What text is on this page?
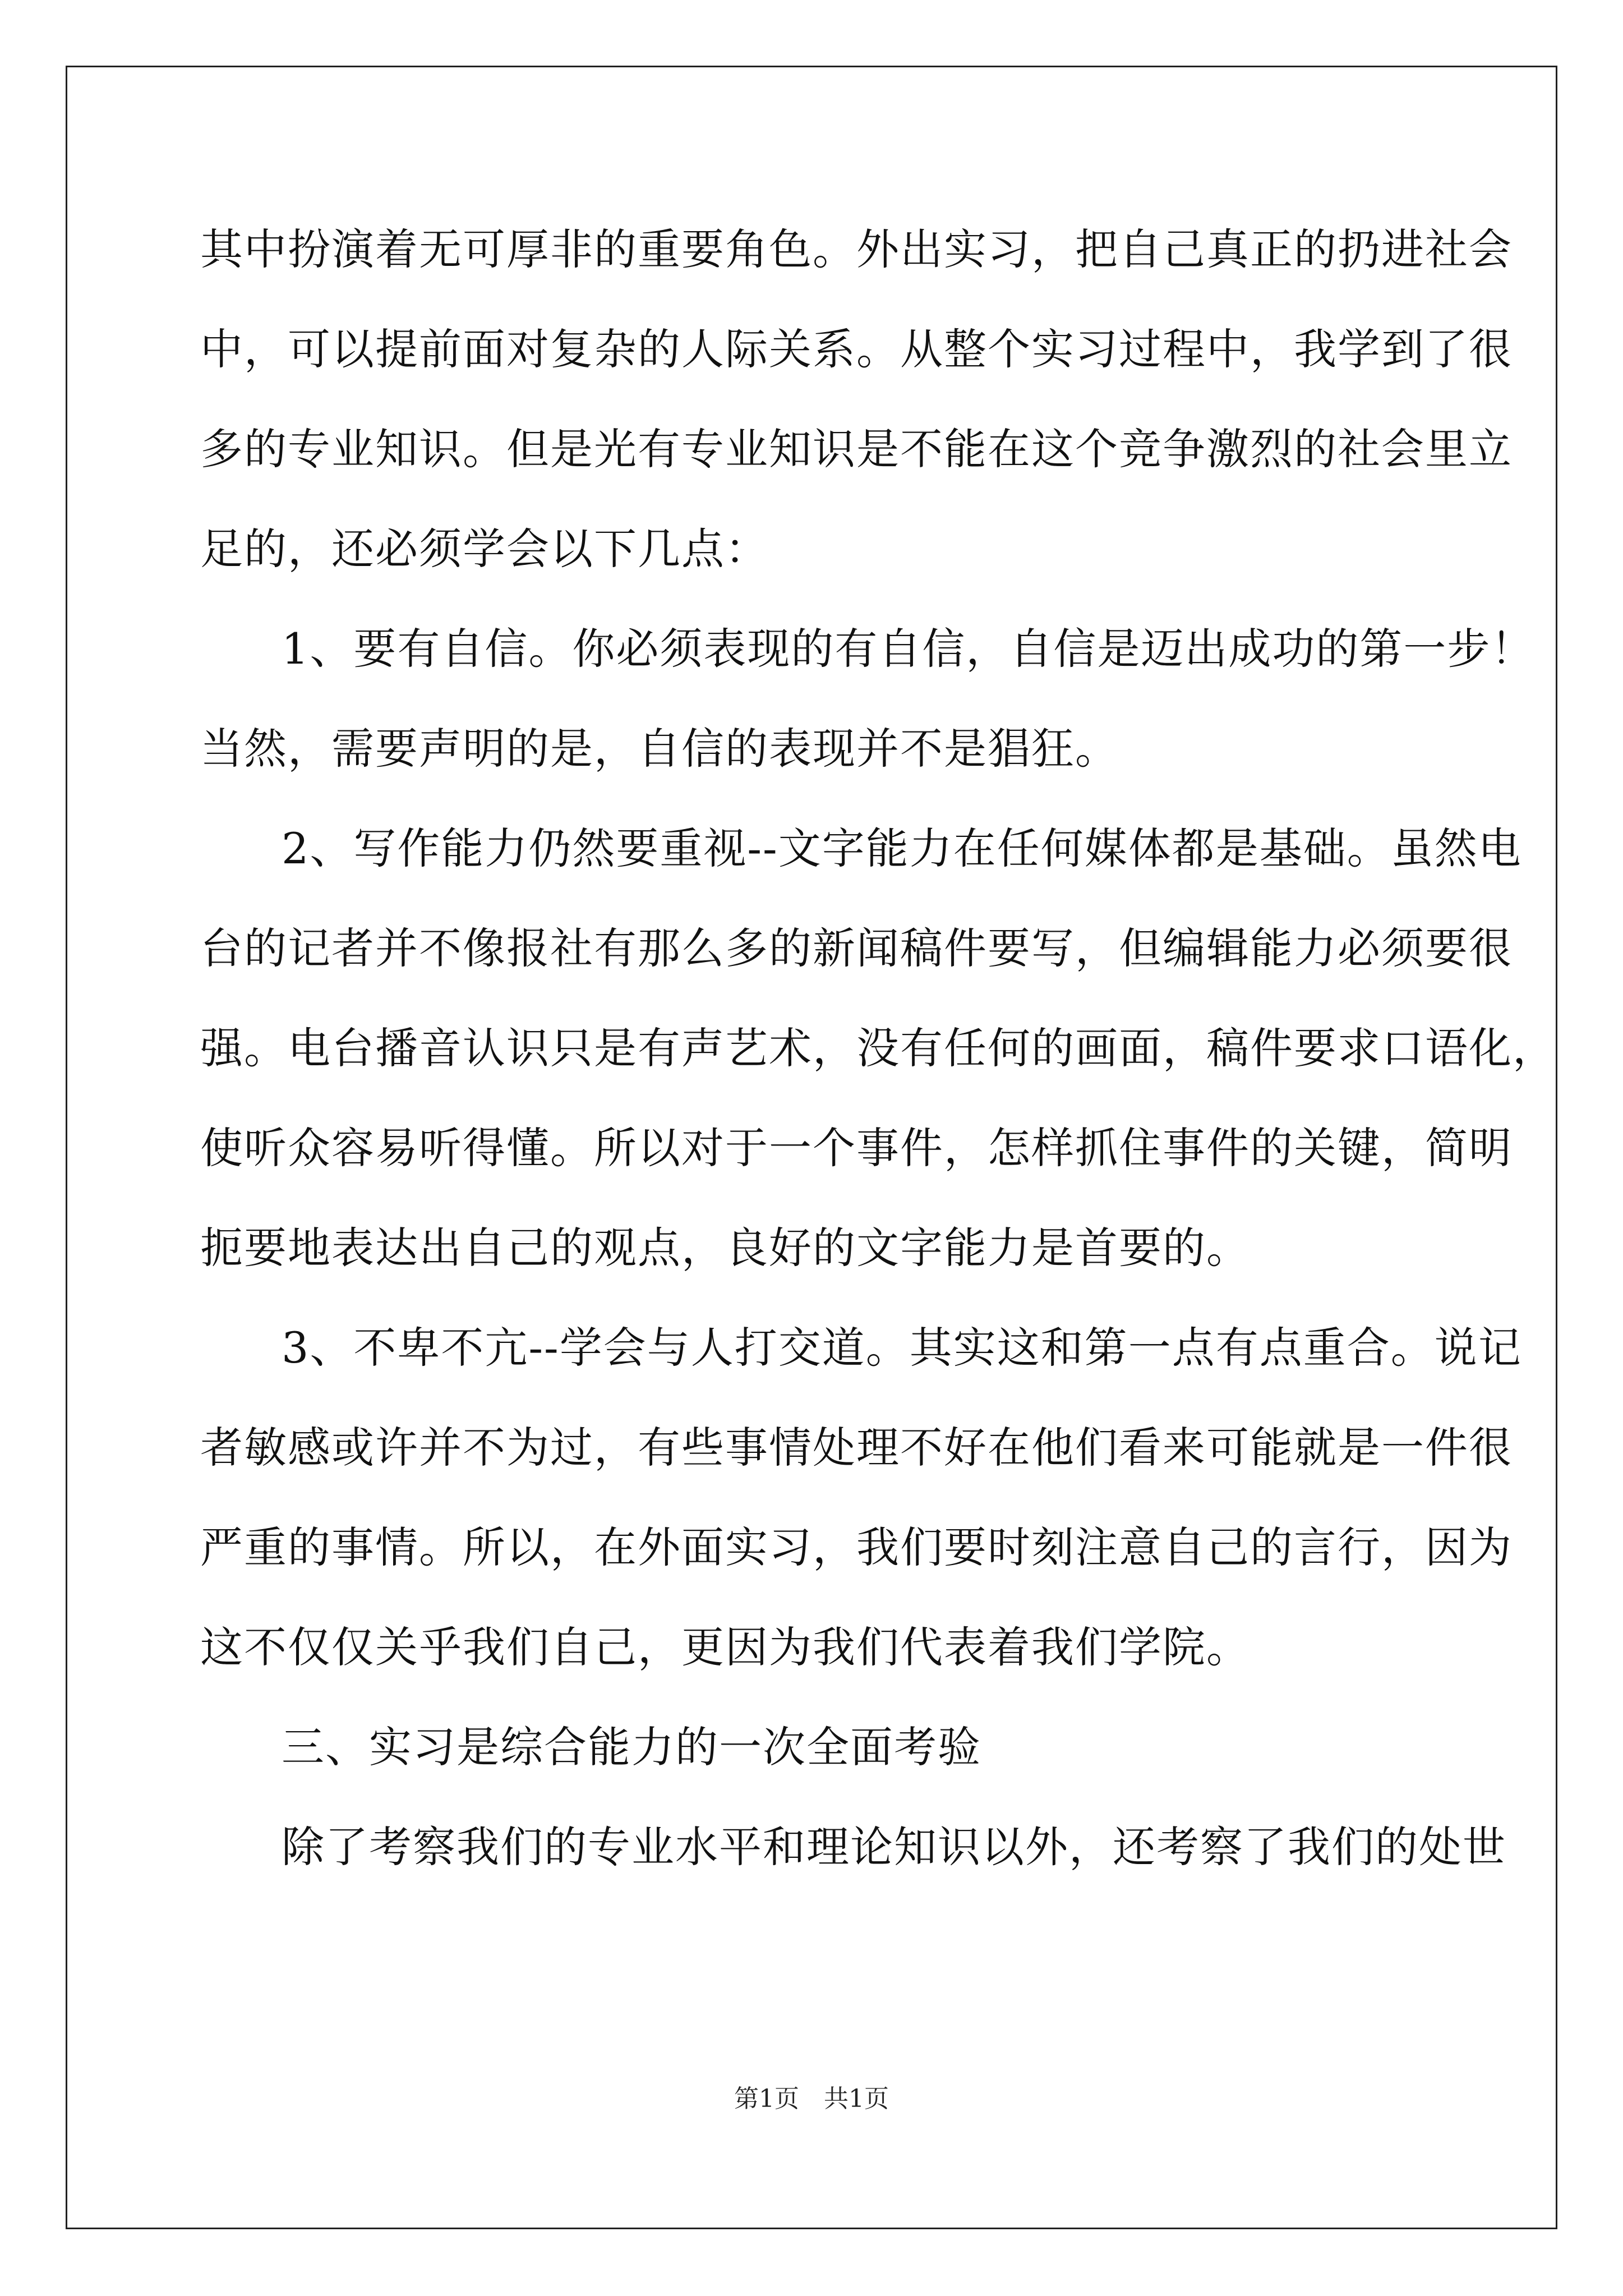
其中扮演着无可厚非的重要角色。外出实习，把自己真正的扔进社会
中，可以提前面对复杂的人际关系。从整个实习过程中，我学到了很
多的专业知识。但是光有专业知识是不能在这个竞争激烈的社会里立
足的，还必须学会以下几点：
1、要有自信。你必须表现的有自信，自信是迈出成功的第一步！
当然，需要声明的是，自信的表现并不是猖狂。
2、写作能力仍然要重视--文字能力在任何媒体都是基础。虽然电
台的记者并不像报社有那么多的新闻稿件要写，但编辑能力必须要很
强。电台播音认识只是有声艺术，没有任何的画面，稿件要求口语化，
使听众容易听得懂。所以对于一个事件，怎样抓住事件的关键，简明
扼要地表达出自己的观点，良好的文字能力是首要的。
3、不卑不亢--学会与人打交道。其实这和第一点有点重合。说记
者敏感或许并不为过，有些事情处理不好在他们看来可能就是一件很
严重的事情。所以，在外面实习，我们要时刻注意自己的言行，因为
这不仅仅关乎我们自己，更因为我们代表着我们学院。
三、实习是综合能力的一次全面考验
除了考察我们的专业水平和理论知识以外，还考察了我们的处世
第1页　共1页
